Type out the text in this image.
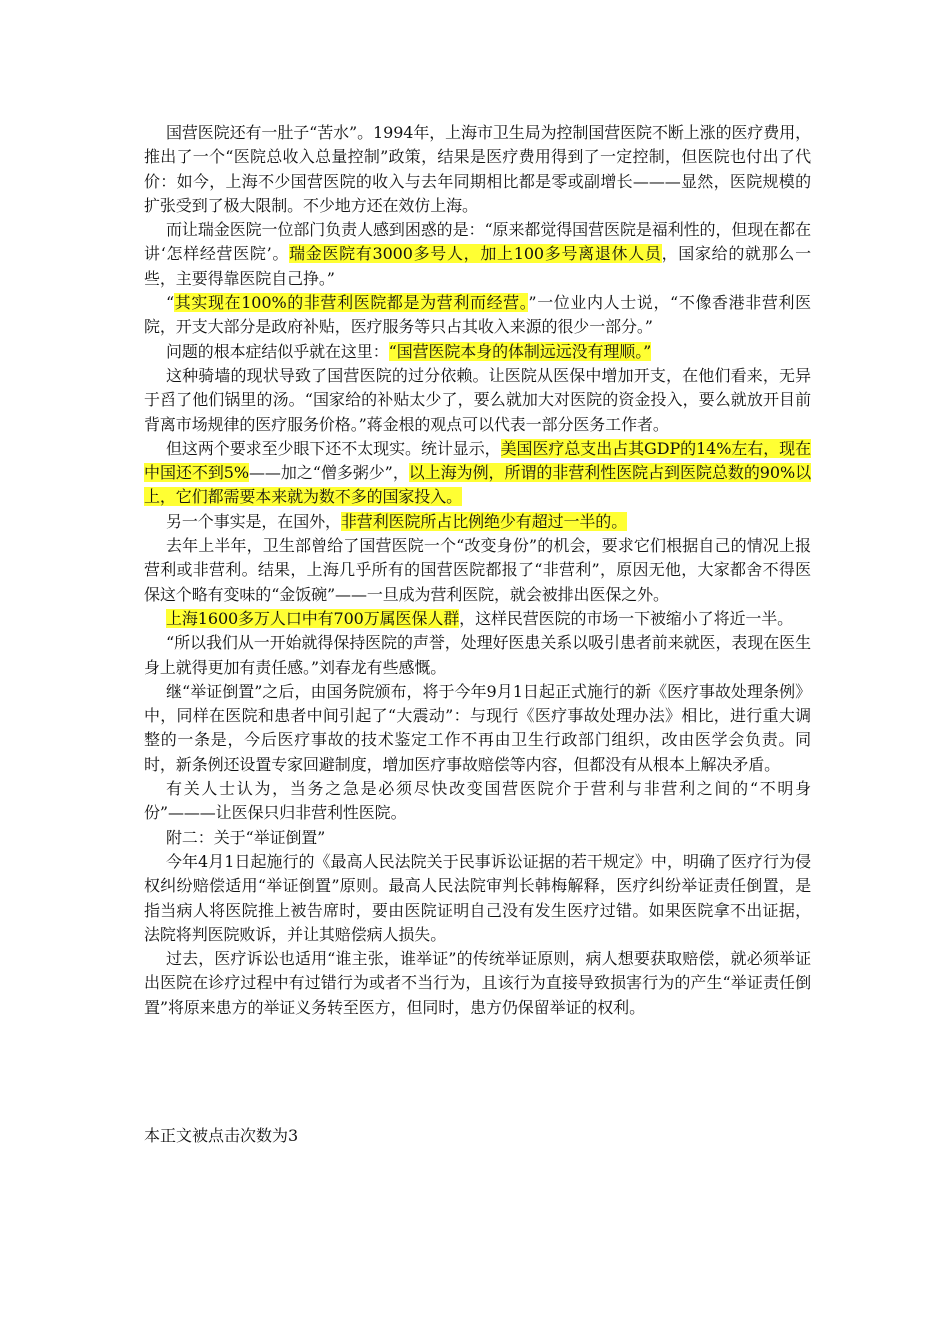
国营医院还有一肚子“苦水”。1994年，上海市卫生局为控制国营医院不断上涨的医疗费用，推出了一个“医院总收入总量控制”政策，结果是医疗费用得到了一定控制，但医院也付出了代价：如今，上海不少国营医院的收入与去年同期相比都是零或副增长———显然，医院规模的扩张受到了极大限制。不少地方还在效仿上海。

而让瑞金医院一位部门负责人感到困惑的是：“原来都觉得国营医院是福利性的，但现在都在讲‘怎样经营医院’。瑞金医院有3000多号人，加上100多号离退休人员，国家给的就那么一些，主要得靠医院自己挣。”

“其实现在100%的非营利医院都是为营利而经营。”一位业内人士说，“不像香港非营利医院，开支大部分是政府补贴，医疗服务等只占其收入来源的很少一部分。”

问题的根本症结似乎就在这里：“国营医院本身的体制远远没有理顺。”

这种骑墙的现状导致了国营医院的过分依赖。让医院从医保中增加开支，在他们看来，无异于舀了他们锅里的汤。“国家给的补贴太少了，要么就加大对医院的资金投入，要么就放开目前背离市场规律的医疗服务价格。”蒋金根的观点可以代表一部分医务工作者。

但这两个要求至少眼下还不太现实。统计显示，美国医疗总支出占其GDP的14%左右，现在中国还不到5%——加之“僧多粥少”，以上海为例，所谓的非营利性医院占到医院总数的90%以上，它们都需要本来就为数不多的国家投入。

另一个事实是，在国外，非营利医院所占比例绝少有超过一半的。

去年上半年，卫生部曾给了国营医院一个“改变身份”的机会，要求它们根据自己的情况上报营利或非营利。结果，上海几乎所有的国营医院都报了“非营利”，原因无他，大家都舍不得医保这个略有变味的“金饭碗”——一旦成为营利医院，就会被排出医保之外。

上海1600多万人口中有700万属医保人群，这样民营医院的市场一下被缩小了将近一半。

“所以我们从一开始就得保持医院的声誉，处理好医患关系以吸引患者前来就医，表现在医生身上就得更加有责任感。”刘春龙有些感慨。

继“举证倒置”之后，由国务院颁布，将于今年9月1日起正式施行的新《医疗事故处理条例》中，同样在医院和患者中间引起了“大震动”：与现行《医疗事故处理办法》相比，进行重大调整的一条是，今后医疗事故的技术鉴定工作不再由卫生行政部门组织，改由医学会负责。同时，新条例还设置专家回避制度，增加医疗事故赔偿等内容，但都没有从根本上解决矛盾。

有关人士认为，当务之急是必须尽快改变国营医院介于营利与非营利之间的“不明身份”———让医保只归非营利性医院。

附二：关于“举证倒置”

今年4月1日起施行的《最高人民法院关于民事诉讼证据的若干规定》中，明确了医疗行为侵权纠纷赔偿适用“举证倒置”原则。最高人民法院审判长韩梅解释，医疗纠纷举证责任倒置，是指当病人将医院推上被告席时，要由医院证明自己没有发生医疗过错。如果医院拿不出证据，法院将判医院败诉，并让其赔偿病人损失。

过去，医疗诉讼也适用“谁主张，谁举证”的传统举证原则，病人想要获取赔偿，就必须举证出医院在诊疗过程中有过错行为或者不当行为，且该行为直接导致损害行为的产生“举证责任倒置”将原来患方的举证义务转至医方，但同时，患方仍保留举证的权利。

本正文被点击次数为3
